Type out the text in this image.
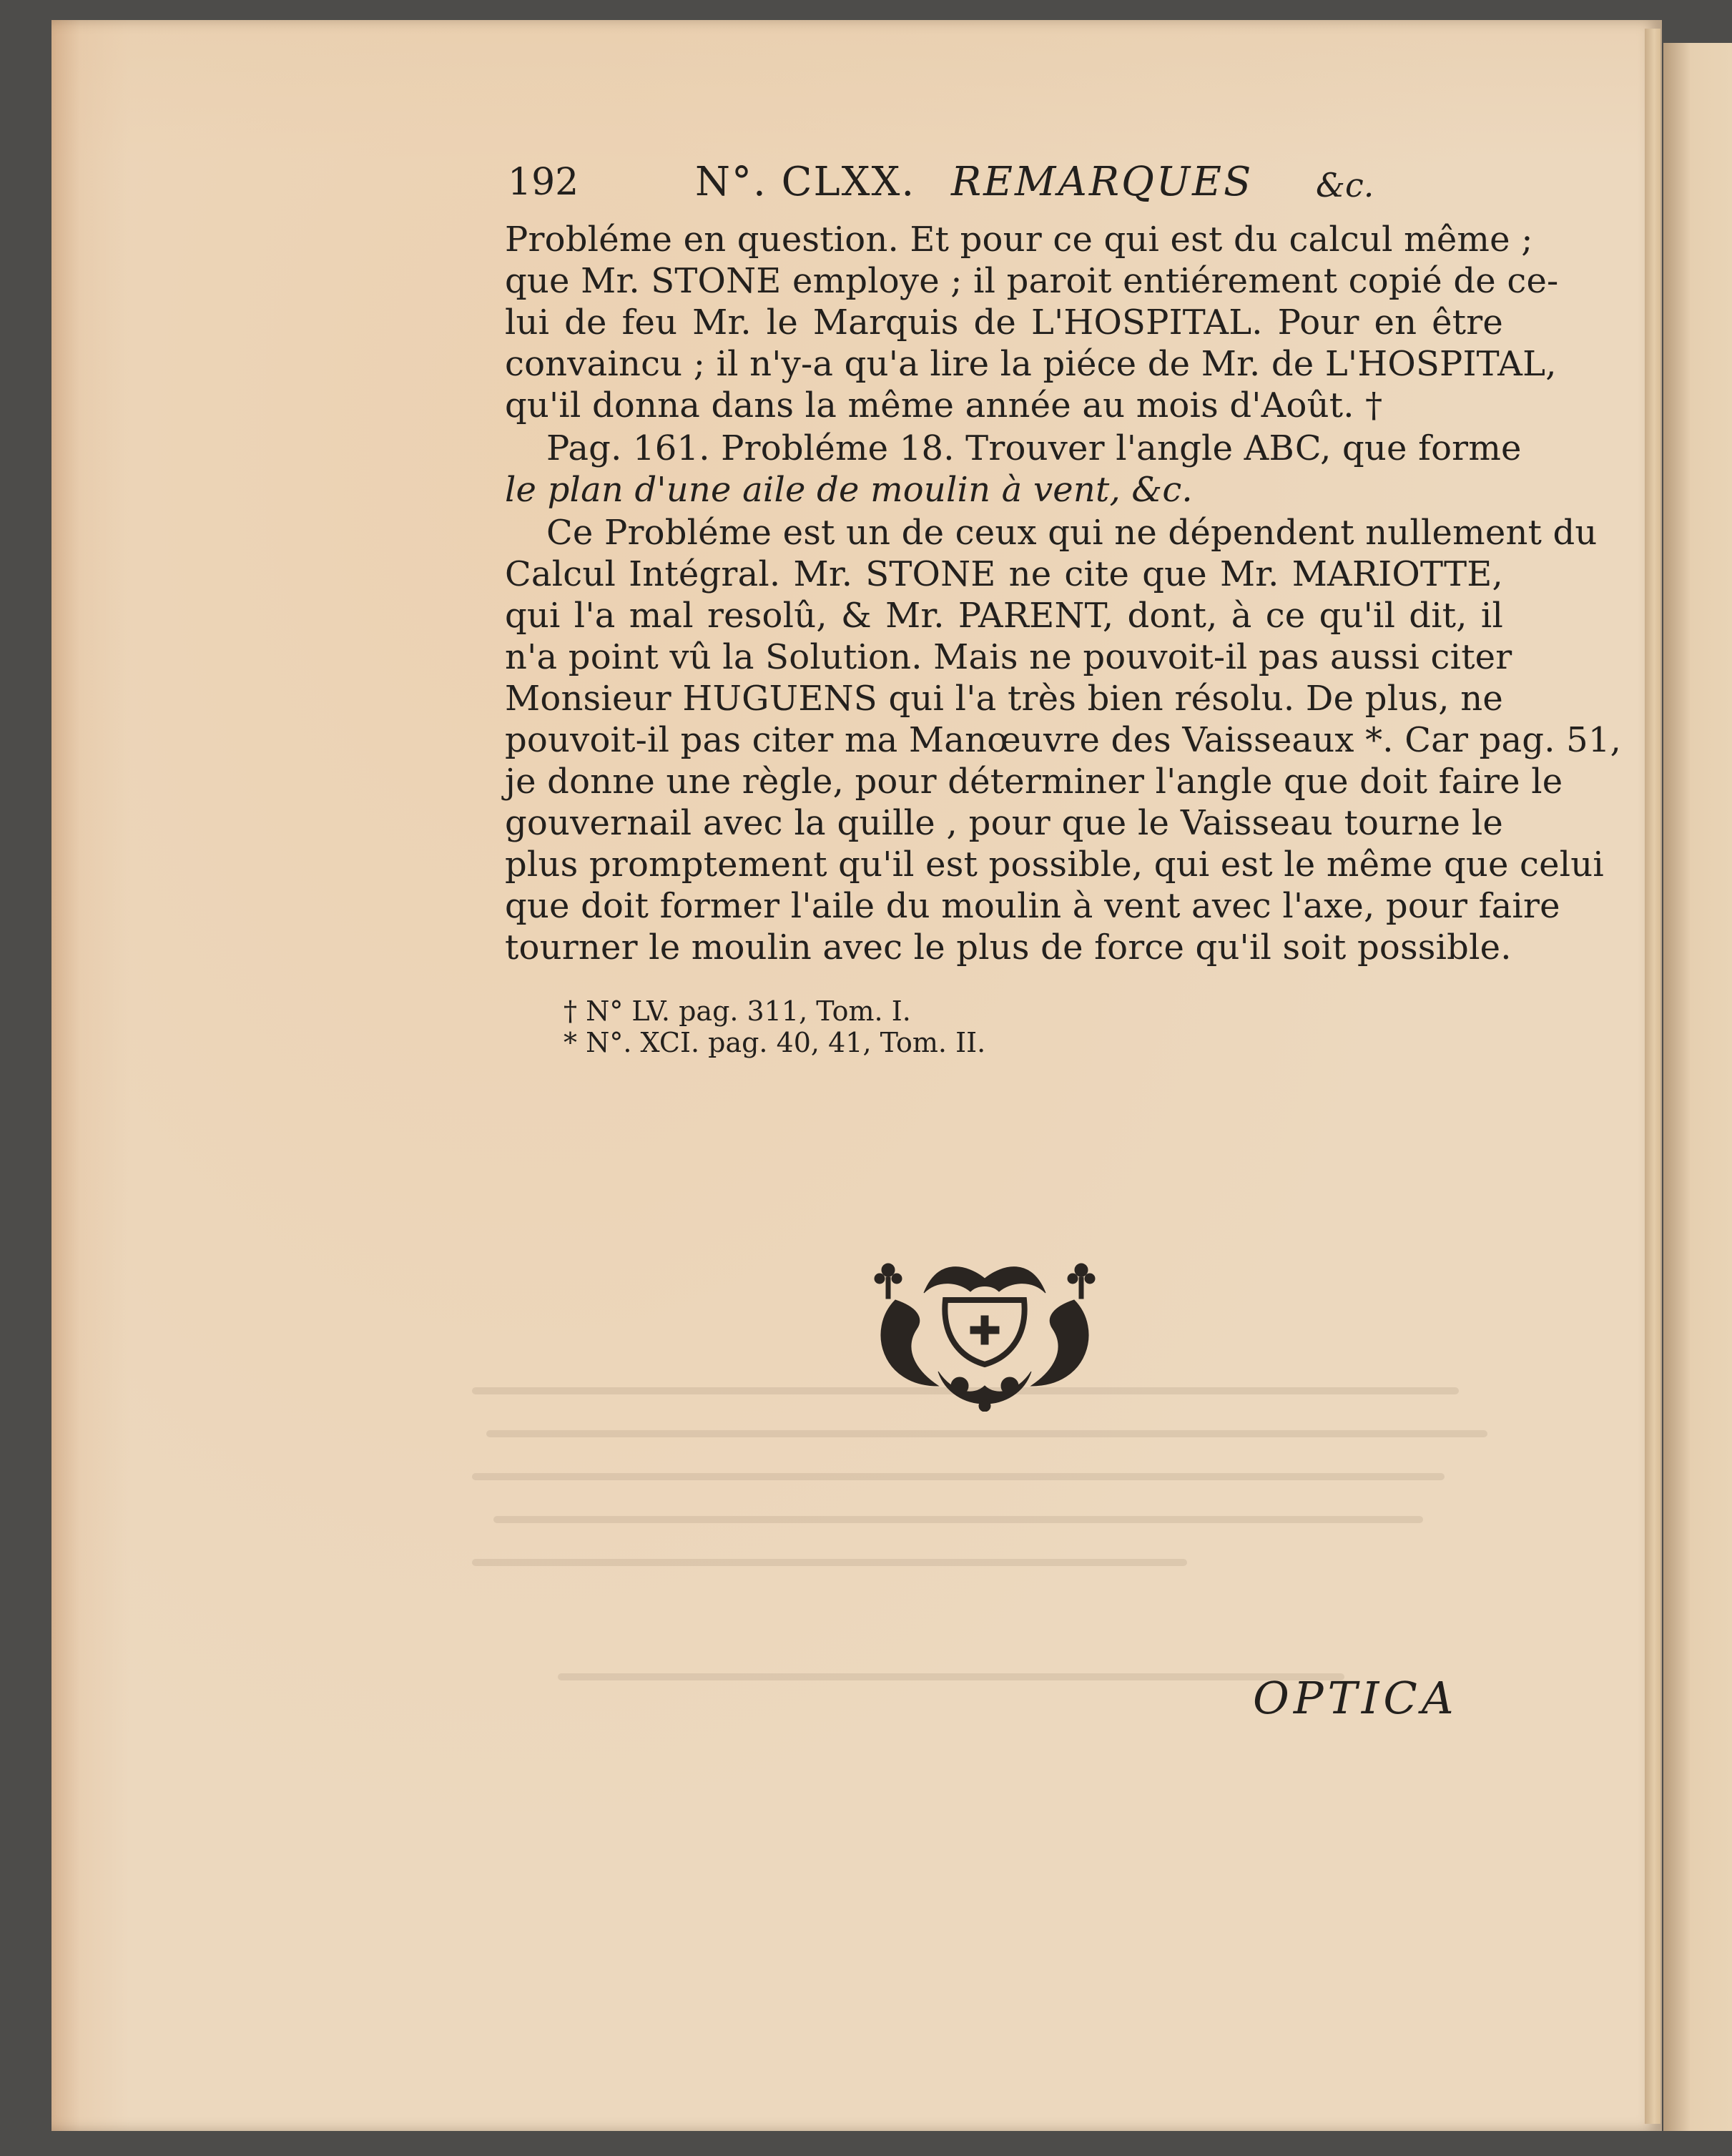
192	N°. CLXX. REMARQUES &c.
Probléme en question. Et pour ce qui est du calcul même ;
que Mr. STONE employe ; il paroit entiérement copié de ce-
lui de feu Mr. le Marquis de L'HOSPITAL. Pour en être
convaincu ; il n'y-a qu'a lire la piéce de Mr. de L'HOSPITAL,
qu'il donna dans la même année au mois d'Août. †
Pag. 161. Probléme 18. Trouver l'angle ABC, que forme
le plan d'une aile de moulin à vent, &c.
Ce Probléme est un de ceux qui ne dépendent nullement du
Calcul Intégral. Mr. STONE ne cite que Mr. MARIOTTE,
qui l'a mal resolû, & Mr. PARENT, dont, à ce qu'il dit, il
n'a point vû la Solution. Mais ne pouvoit-il pas aussi citer
Monsieur HUGUENS qui l'a très bien résolu. De plus, ne
pouvoit-il pas citer ma Manœuvre des Vaisseaux *. Car pag. 51,
je donne une règle, pour déterminer l'angle que doit faire le
gouvernail avec la quille , pour que le Vaisseau tourne le
plus promptement qu'il est possible, qui est le même que celui
que doit former l'aile du moulin à vent avec l'axe, pour faire
tourner le moulin avec le plus de force qu'il soit possible.
† N° LV. pag. 311, Tom. I.
* N°. XCI. pag. 40, 41, Tom. II.
OPTICA
